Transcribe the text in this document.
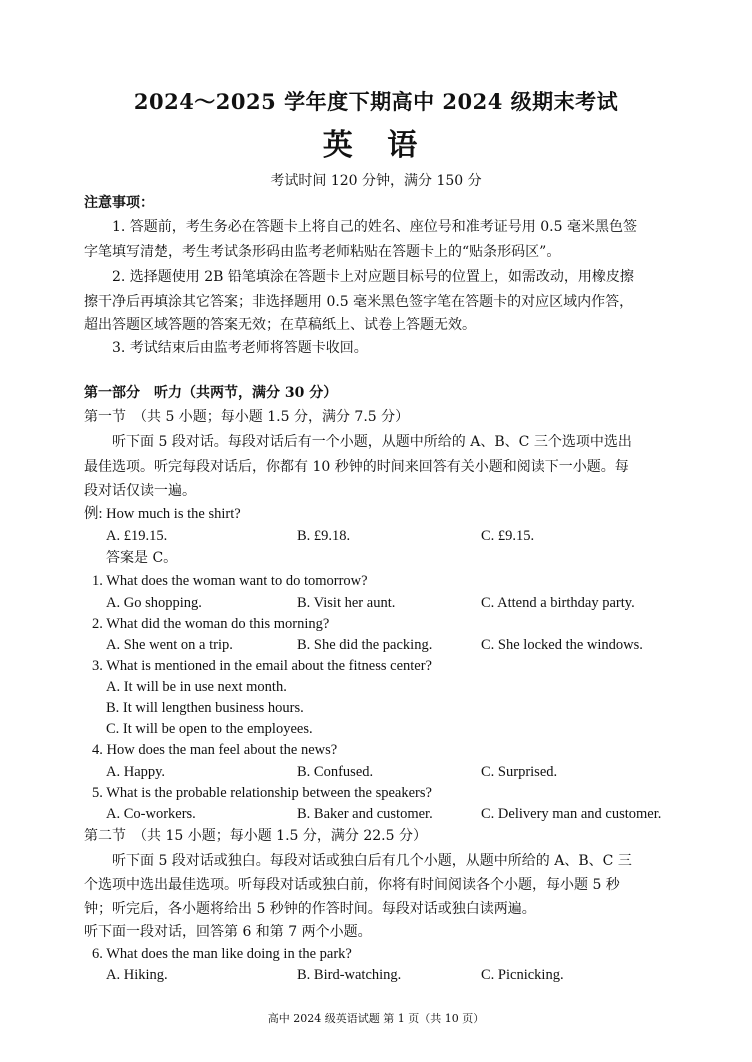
2024～2025 学年度下期高中 2024 级期末考试
英 语
考试时间 120 分钟，满分 150 分
注意事项：
1. 答题前，考生务必在答题卡上将自己的姓名、座位号和准考证号用 0.5 毫米黑色签
字笔填写清楚，考生考试条形码由监考老师粘贴在答题卡上的“贴条形码区”。
2. 选择题使用 2B 铅笔填涂在答题卡上对应题目标号的位置上，如需改动，用橡皮擦
擦干净后再填涂其它答案；非选择题用 0.5 毫米黑色签字笔在答题卡的对应区域内作答，
超出答题区域答题的答案无效；在草稿纸上、试卷上答题无效。
3. 考试结束后由监考老师将答题卡收回。
第一部分　听力（共两节，满分 30 分）
第一节　（共 5 小题；每小题 1.5 分，满分 7.5 分）
听下面 5 段对话。每段对话后有一个小题，从题中所给的 A、B、C 三个选项中选出
最佳选项。听完每段对话后，你都有 10 秒钟的时间来回答有关小题和阅读下一小题。每
段对话仅读一遍。
例: How much is the shirt?
A. £19.15.	B. £9.18.	C. £9.15.
答案是 C。
1. What does the woman want to do tomorrow?
A. Go shopping.	B. Visit her aunt.	C. Attend a birthday party.
2. What did the woman do this morning?
A. She went on a trip.	B. She did the packing.	C. She locked the windows.
3. What is mentioned in the email about the fitness center?
A. It will be in use next month.
B. It will lengthen business hours.
C. It will be open to the employees.
4. How does the man feel about the news?
A. Happy.	B. Confused.	C. Surprised.
5. What is the probable relationship between the speakers?
A. Co-workers.	B. Baker and customer.	C. Delivery man and customer.
第二节　（共 15 小题；每小题 1.5 分，满分 22.5 分）
听下面 5 段对话或独白。每段对话或独白后有几个小题，从题中所给的 A、B、C 三
个选项中选出最佳选项。听每段对话或独白前，你将有时间阅读各个小题，每小题 5 秒
钟；听完后，各小题将给出 5 秒钟的作答时间。每段对话或独白读两遍。
听下面一段对话，回答第 6 和第 7 两个小题。
6. What does the man like doing in the park?
A. Hiking.	B. Bird-watching.	C. Picnicking.
高中 2024 级英语试题 第 1 页（共 10 页）
